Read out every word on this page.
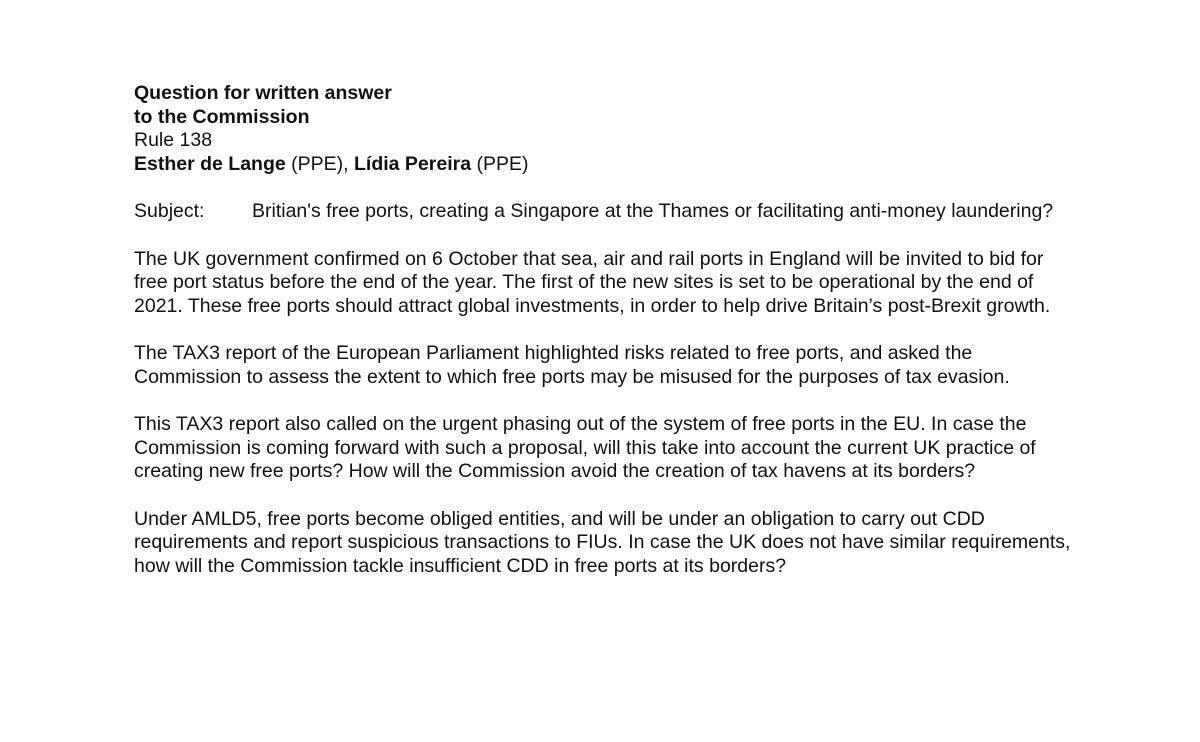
Question for written answer
to the Commission
Rule 138
Esther de Lange (PPE), Lídia Pereira (PPE)
Subject:	Britian's free ports, creating a Singapore at the Thames or facilitating anti-money laundering?

The UK government confirmed on 6 October that sea, air and rail ports in England will be invited to bid for free port status before the end of the year. The first of the new sites is set to be operational by the end of 2021. These free ports should attract global investments, in order to help drive Britain’s post-Brexit growth.

The TAX3 report of the European Parliament highlighted risks related to free ports, and asked the Commission to assess the extent to which free ports may be misused for the purposes of tax evasion.

This TAX3 report also called on the urgent phasing out of the system of free ports in the EU. In case the Commission is coming forward with such a proposal, will this take into account the current UK practice of creating new free ports? How will the Commission avoid the creation of tax havens at its borders?

Under AMLD5, free ports become obliged entities, and will be under an obligation to carry out CDD requirements and report suspicious transactions to FIUs. In case the UK does not have similar requirements, how will the Commission tackle insufficient CDD in free ports at its borders?
